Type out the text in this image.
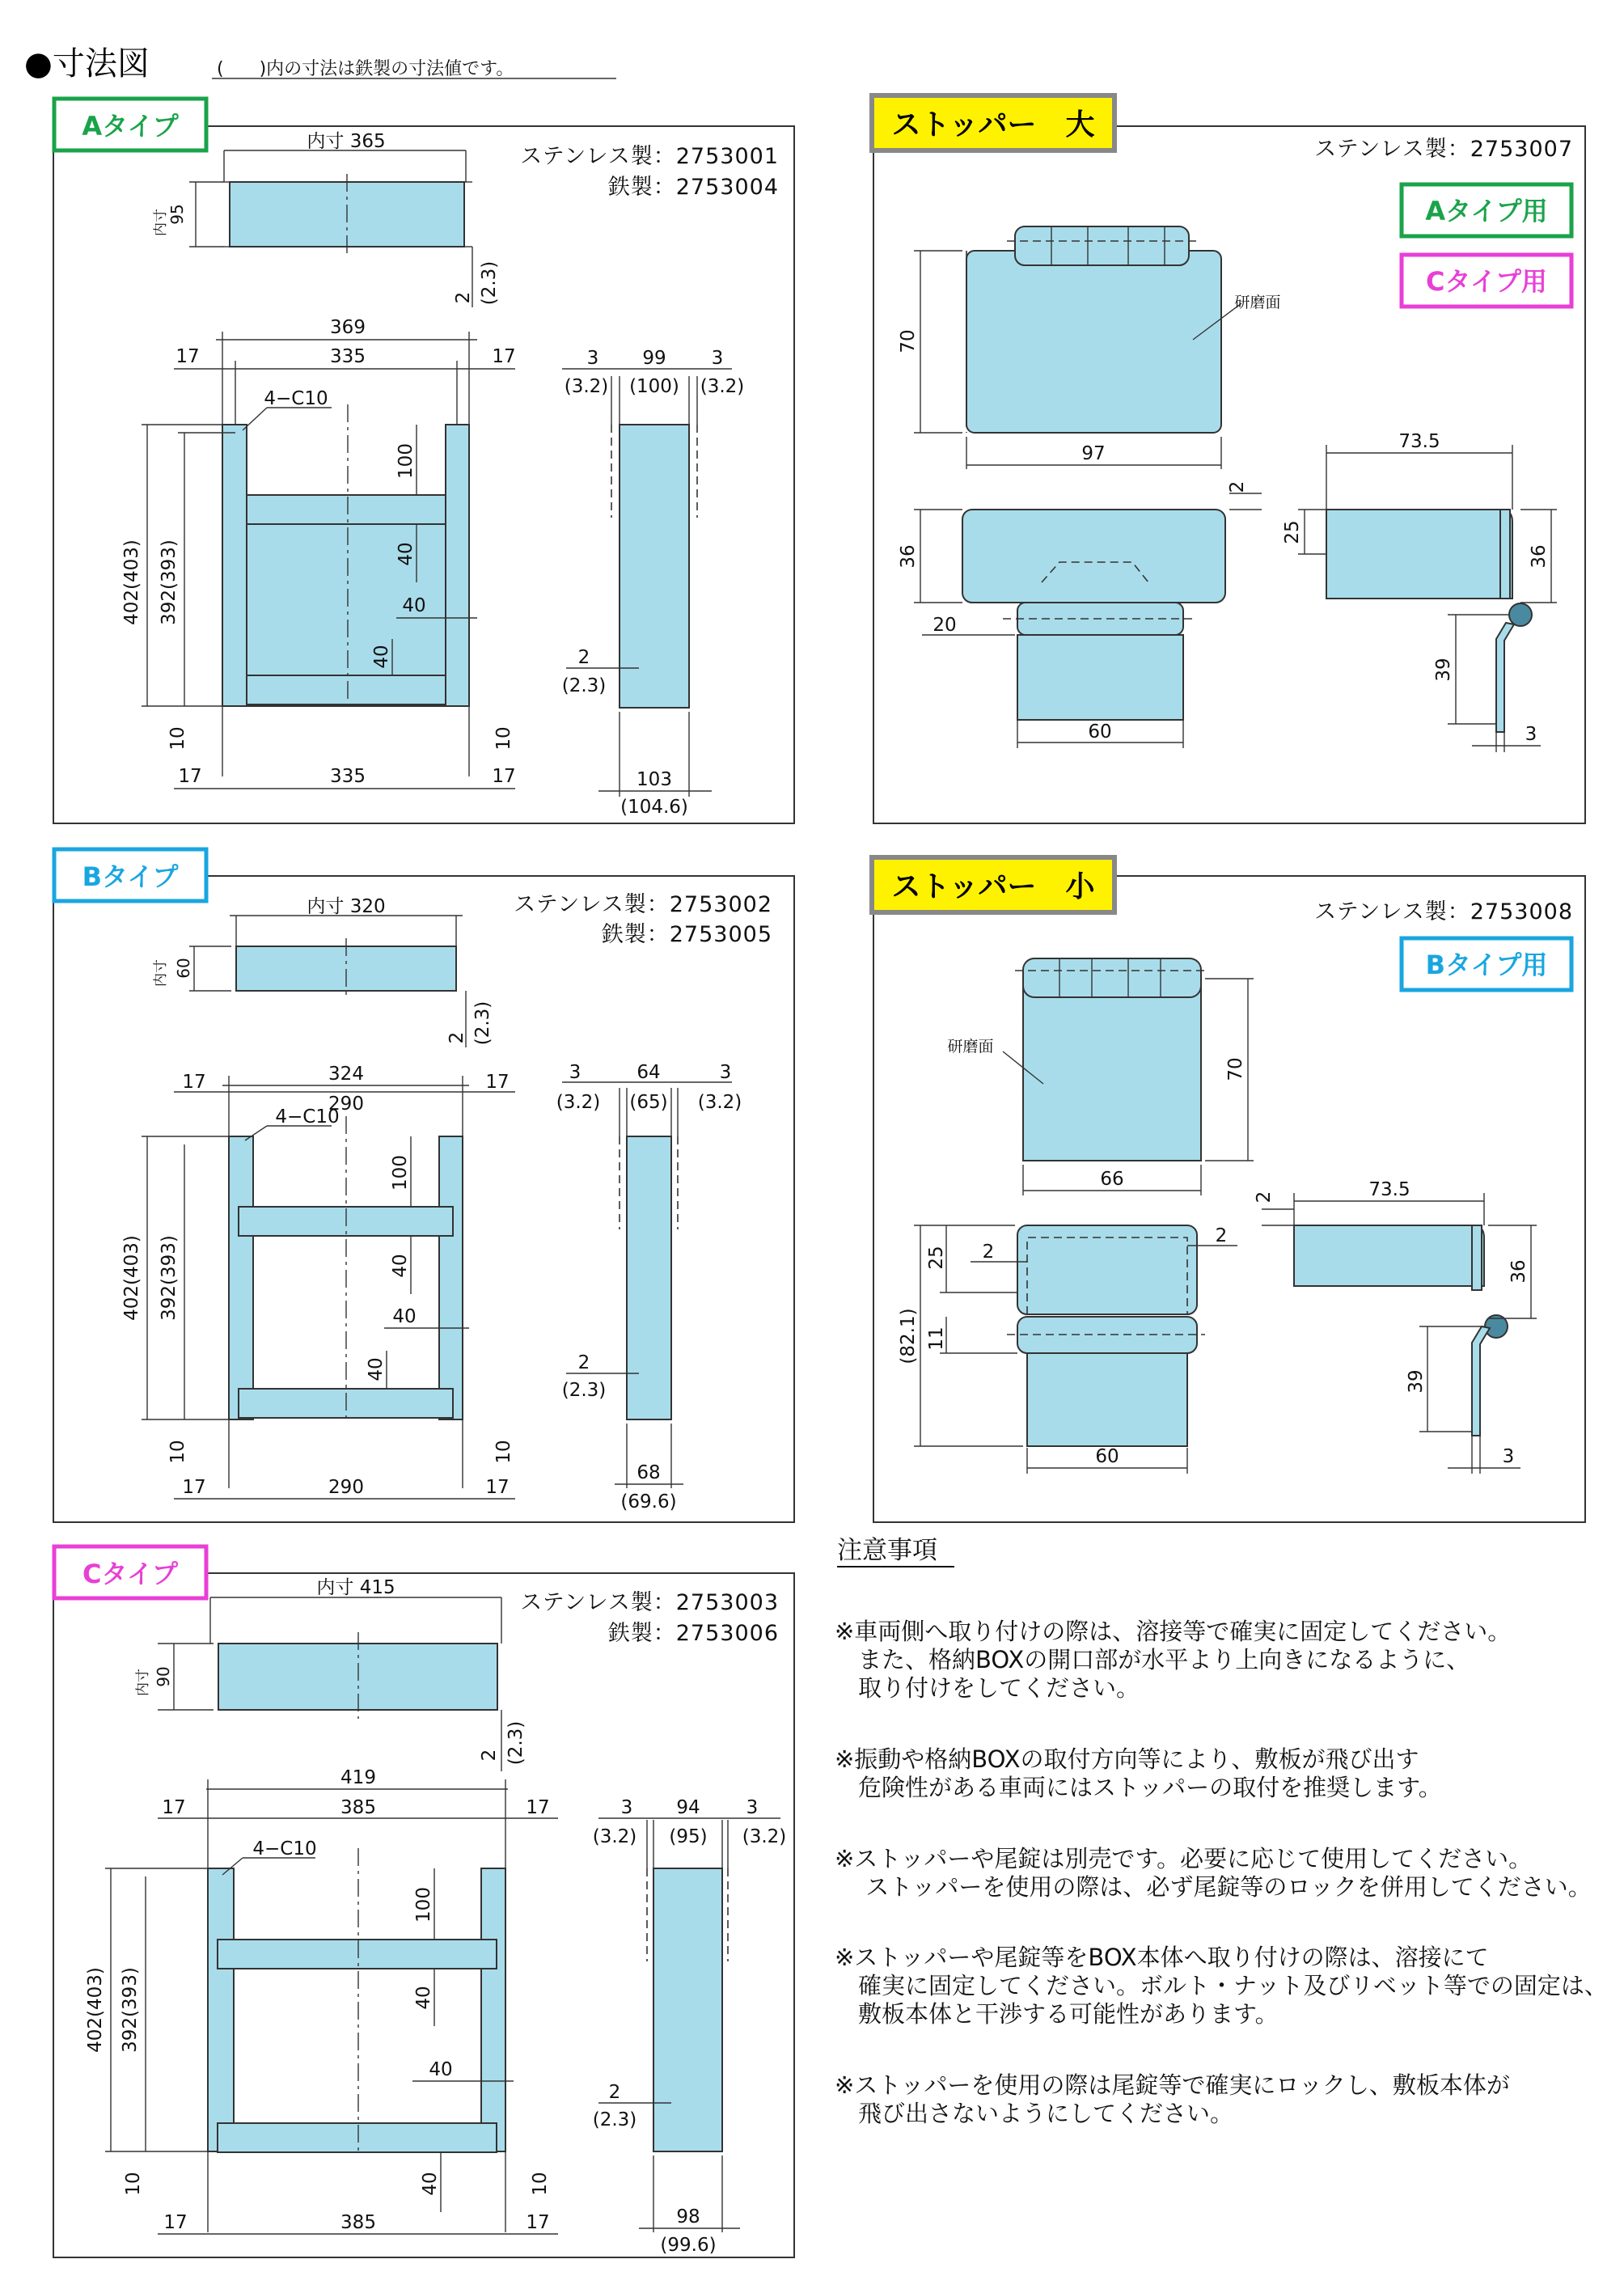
●寸法図	(　　)内の寸法は鉄製の寸法値です。
Aタイプ
ステンレス製：2753001
鉄製：2753004
内寸 365
95
内寸
2 (2.3)
369
335
17	17
4−C10
402(403) 392(393)
100
40
40
40
10	10
17	335	17
3 99 3
(3.2) (100) (3.2)
2
(2.3)
103
(104.6)
Bタイプ
ステンレス製：2753002
鉄製：2753005
内寸 320
60
内寸
2 (2.3)
324
290
17	17
4−C10
402(403) 392(393)
100
40
40
40
10	10
17	290	17
3	64	3
(3.2) (65) (3.2)
2
(2.3)
68
(69.6)
Cタイプ
ステンレス製：2753003
鉄製：2753006
内寸 415
90
内寸
2 (2.3)
419
385
17	17
4−C10
402(403) 392(393)
100
40
40
40
10	10
17	385	17
3 94 3
(3.2) (95) (3.2)
2
(2.3)
98
(99.6)
ストッパー　大
ステンレス製：2753007
Aタイプ用
Cタイプ用
70
97
研磨面
36
20
60
2
73.5
25
36
39
3
ストッパー　小
ステンレス製：2753008
Bタイプ用
70
66
研磨面
(82.1)
25
11
2
2
60
73.5
2
36
39
3
注意事項
※車両側へ取り付けの際は、溶接等で確実に固定してください。
　また、格納BOXの開口部が水平より上向きになるように、
　取り付けをしてください。
※振動や格納BOXの取付方向等により、敷板が飛び出す
　危険性がある車両にはストッパーの取付を推奨します。
※ストッパーや尾錠は別売です。必要に応じて使用してください。
　 ストッパーを使用の際は、必ず尾錠等のロックを併用してください。
※ストッパーや尾錠等をBOX本体へ取り付けの際は、溶接にて
　確実に固定してください。ボルト・ナット及びリベット等での固定は、
　敷板本体と干渉する可能性があります。
※ストッパーを使用の際は尾錠等で確実にロックし、敷板本体が
　飛び出さないようにしてください。
